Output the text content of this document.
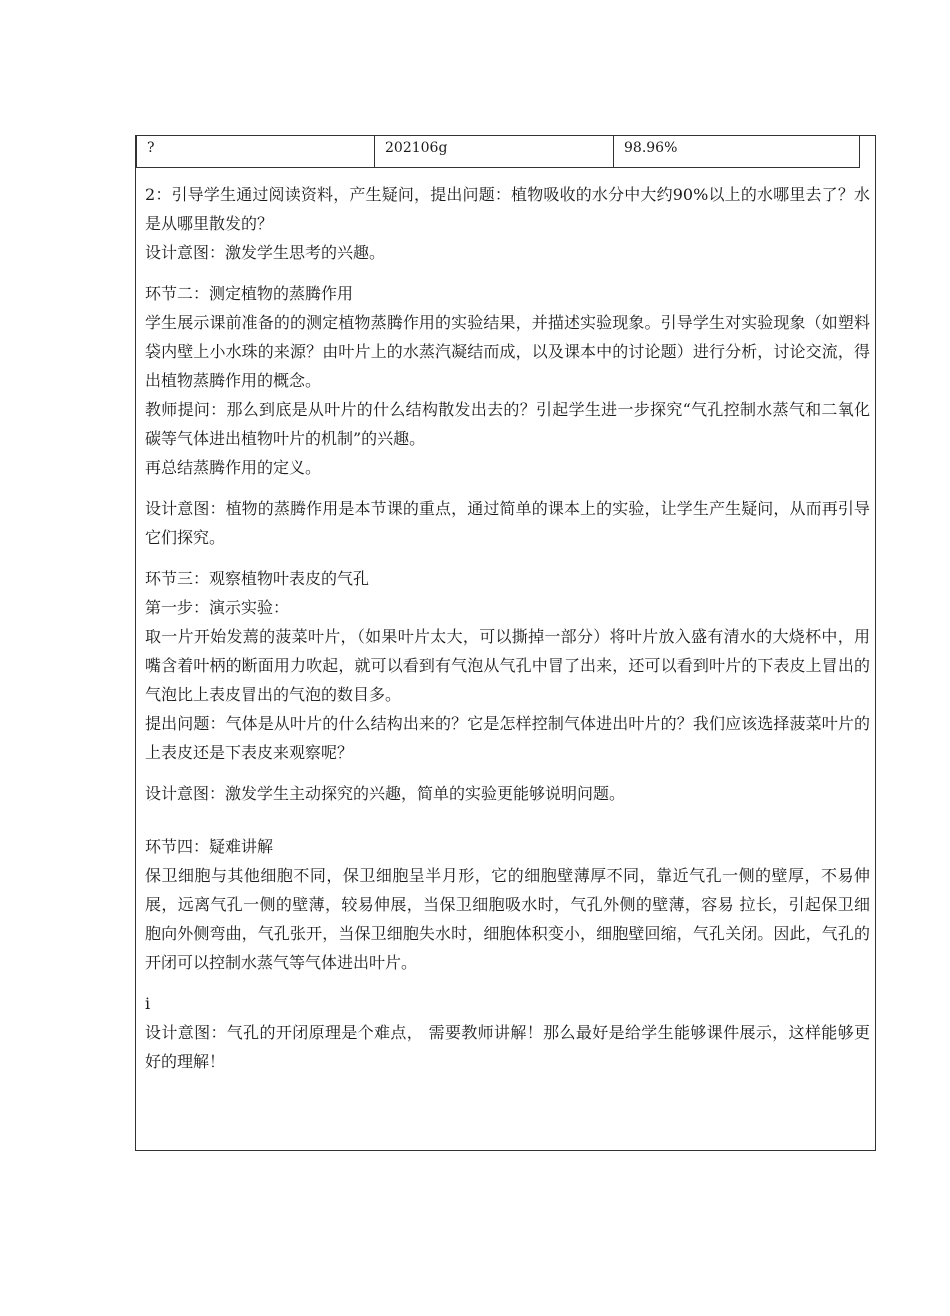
?	202106g	98.96%

2：引导学生通过阅读资料，产生疑问，提出问题：植物吸收的水分中大约90%以上的水哪里去了？水是从哪里散发的？

设计意图：激发学生思考的兴趣。

环节二：测定植物的蒸腾作用

学生展示课前准备的的测定植物蒸腾作用的实验结果，并描述实验现象。引导学生对实验现象（如塑料袋内壁上小水珠的来源？由叶片上的水蒸汽凝结而成，以及课本中的讨论题）进行分析，讨论交流，得出植物蒸腾作用的概念。

教师提问：那么到底是从叶片的什么结构散发出去的？引起学生进一步探究“气孔控制水蒸气和二氧化碳等气体进出植物叶片的机制”的兴趣。

再总结蒸腾作用的定义。

设计意图：植物的蒸腾作用是本节课的重点，通过简单的课本上的实验，让学生产生疑问，从而再引导它们探究。

环节三：观察植物叶表皮的气孔

第一步：演示实验：

取一片开始发蔫的菠菜叶片，（如果叶片太大，可以撕掉一部分）将叶片放入盛有清水的大烧杯中，用嘴含着叶柄的断面用力吹起，就可以看到有气泡从气孔中冒了出来，还可以看到叶片的下表皮上冒出的气泡比上表皮冒出的气泡的数目多。

提出问题：气体是从叶片的什么结构出来的？它是怎样控制气体进出叶片的？我们应该选择菠菜叶片的上表皮还是下表皮来观察呢？

设计意图：激发学生主动探究的兴趣，简单的实验更能够说明问题。

环节四：疑难讲解

保卫细胞与其他细胞不同，保卫细胞呈半月形，它的细胞壁薄厚不同，靠近气孔一侧的壁厚，不易伸展，远离气孔一侧的壁薄，较易伸展，当保卫细胞吸水时，气孔外侧的壁薄，容易 拉长，引起保卫细胞向外侧弯曲，气孔张开，当保卫细胞失水时，细胞体积变小，细胞壁回缩，气孔关闭。因此，气孔的开闭可以控制水蒸气等气体进出叶片。

i

设计意图：气孔的开闭原理是个难点， 需要教师讲解！那么最好是给学生能够课件展示，这样能够更好的理解！
